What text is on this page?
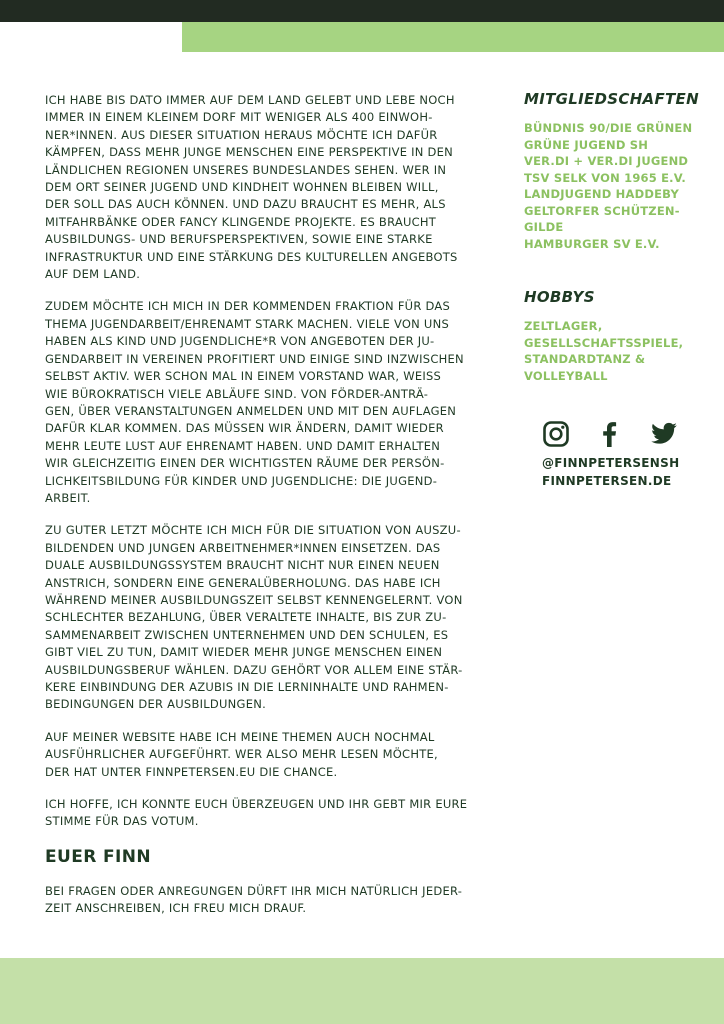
ICH HABE BIS DATO IMMER AUF DEM LAND GELEBT UND LEBE NOCH
IMMER IN EINEM KLEINEM DORF MIT WENIGER ALS 400 EINWOH-
NER*INNEN. AUS DIESER SITUATION HERAUS MÖCHTE ICH DAFÜR
KÄMPFEN, DASS MEHR JUNGE MENSCHEN EINE PERSPEKTIVE IN DEN
LÄNDLICHEN REGIONEN UNSERES BUNDESLANDES SEHEN. WER IN
DEM ORT SEINER JUGEND UND KINDHEIT WOHNEN BLEIBEN WILL,
DER SOLL DAS AUCH KÖNNEN. UND DAZU BRAUCHT ES MEHR, ALS
MITFAHRBÄNKE ODER FANCY KLINGENDE PROJEKTE. ES BRAUCHT
AUSBILDUNGS- UND BERUFSPERSPEKTIVEN, SOWIE EINE STARKE
INFRASTRUKTUR UND EINE STÄRKUNG DES KULTURELLEN ANGEBOTS
AUF DEM LAND.

ZUDEM MÖCHTE ICH MICH IN DER KOMMENDEN FRAKTION FÜR DAS
THEMA JUGENDARBEIT/EHRENAMT STARK MACHEN. VIELE VON UNS
HABEN ALS KIND UND JUGENDLICHE*R VON ANGEBOTEN DER JU-
GENDARBEIT IN VEREINEN PROFITIERT UND EINIGE SIND INZWISCHEN
SELBST AKTIV. WER SCHON MAL IN EINEM VORSTAND WAR, WEISS
WIE BÜROKRATISCH VIELE ABLÄUFE SIND. VON FÖRDER-ANTRÄ-
GEN, ÜBER VERANSTALTUNGEN ANMELDEN UND MIT DEN AUFLAGEN
DAFÜR KLAR KOMMEN. DAS MÜSSEN WIR ÄNDERN, DAMIT WIEDER
MEHR LEUTE LUST AUF EHRENAMT HABEN. UND DAMIT ERHALTEN
WIR GLEICHZEITIG EINEN DER WICHTIGSTEN RÄUME DER PERSÖN-
LICHKEITSBILDUNG FÜR KINDER UND JUGENDLICHE: DIE JUGEND-
ARBEIT.

ZU GUTER LETZT MÖCHTE ICH MICH FÜR DIE SITUATION VON AUSZU-
BILDENDEN UND JUNGEN ARBEITNEHMER*INNEN EINSETZEN. DAS
DUALE AUSBILDUNGSSYSTEM BRAUCHT NICHT NUR EINEN NEUEN
ANSTRICH, SONDERN EINE GENERALÜBERHOLUNG. DAS HABE ICH
WÄHREND MEINER AUSBILDUNGSZEIT SELBST KENNENGELERNT. VON
SCHLECHTER BEZAHLUNG, ÜBER VERALTETE INHALTE, BIS ZUR ZU-
SAMMENARBEIT ZWISCHEN UNTERNEHMEN UND DEN SCHULEN, ES
GIBT VIEL ZU TUN, DAMIT WIEDER MEHR JUNGE MENSCHEN EINEN
AUSBILDUNGSBERUF WÄHLEN. DAZU GEHÖRT VOR ALLEM EINE STÄR-
KERE EINBINDUNG DER AZUBIS IN DIE LERNINHALTE UND RAHMEN-
BEDINGUNGEN DER AUSBILDUNGEN.

AUF MEINER WEBSITE HABE ICH MEINE THEMEN AUCH NOCHMAL
AUSFÜHRLICHER AUFGEFÜHRT. WER ALSO MEHR LESEN MÖCHTE,
DER HAT UNTER FINNPETERSEN.EU DIE CHANCE.

ICH HOFFE, ICH KONNTE EUCH ÜBERZEUGEN UND IHR GEBT MIR EURE
STIMME FÜR DAS VOTUM.

EUER FINN

BEI FRAGEN ODER ANREGUNGEN DÜRFT IHR MICH NATÜRLICH JEDER-
ZEIT ANSCHREIBEN, ICH FREU MICH DRAUF.

MITGLIEDSCHAFTEN
BÜNDNIS 90/DIE GRÜNEN
GRÜNE JUGEND SH
VER.DI + VER.DI JUGEND
TSV SELK VON 1965 E.V.
LANDJUGEND HADDEBY
GELTORFER SCHÜTZEN-
GILDE
HAMBURGER SV E.V.
HOBBYS
ZELTLAGER,
GESELLSCHAFTSSPIELE,
STANDARDTANZ &
VOLLEYBALL
@FINNPETERSENSH
FINNPETERSEN.DE
